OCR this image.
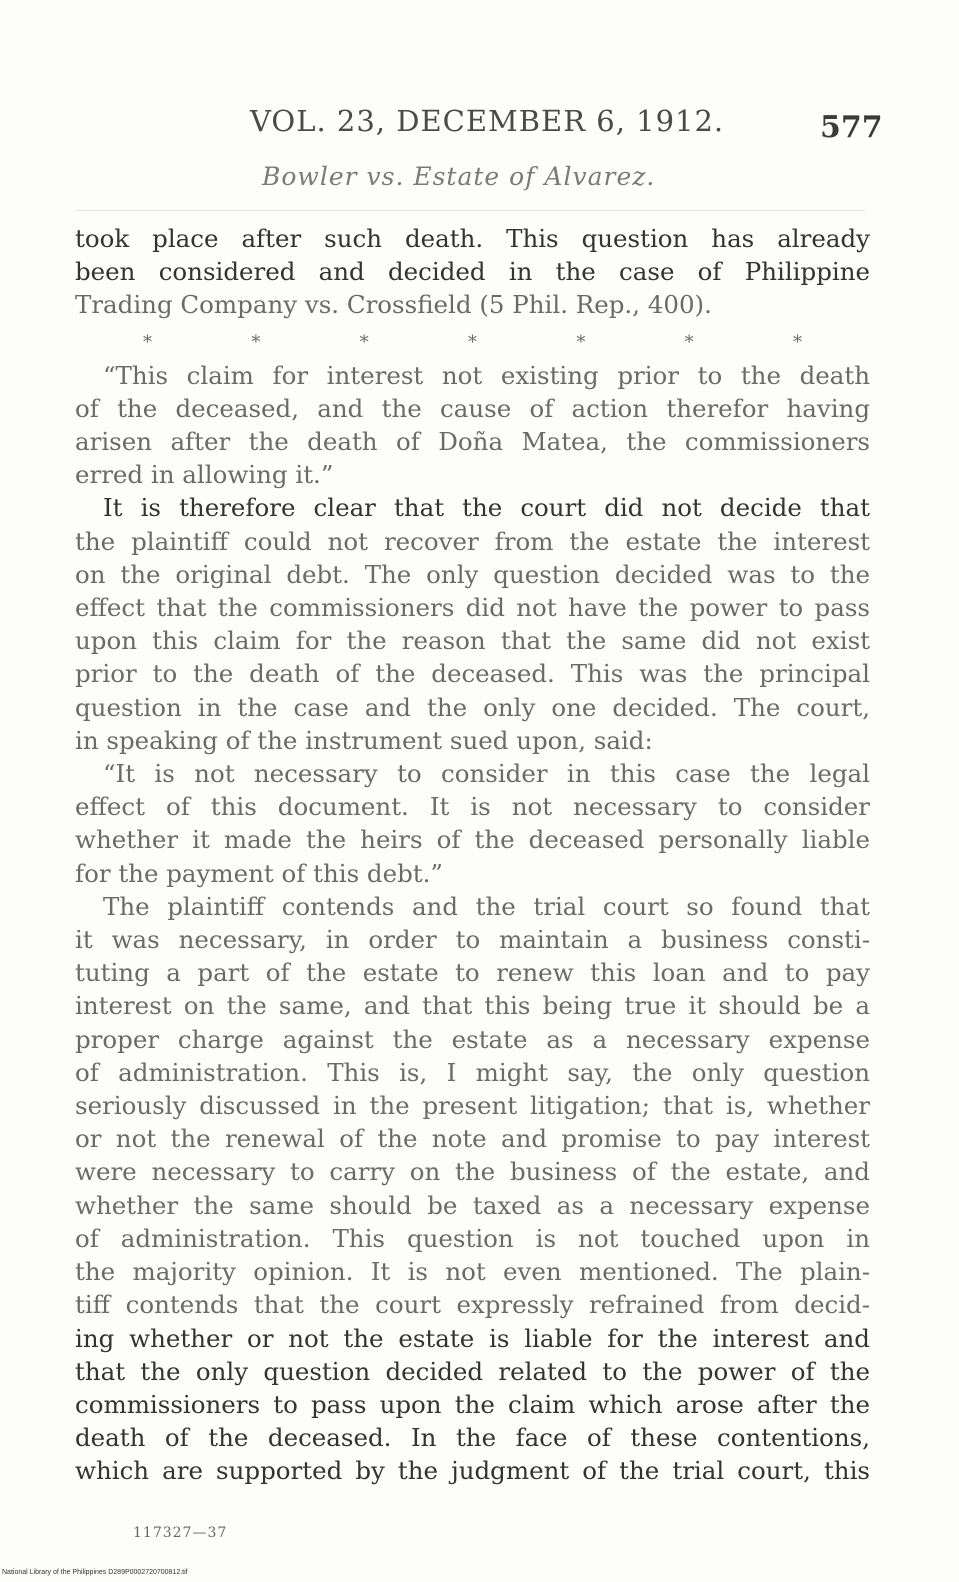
VOL. 23, DECEMBER 6, 1912.	577
Bowler vs. Estate of Alvarez.
took place after such death. This question has already
been considered and decided in the case of Philippine
Trading Company vs. Crossfield (5 Phil. Rep., 400).
*	*	*	*	*	*	*
“This claim for interest not existing prior to the death
of the deceased, and the cause of action therefor having
arisen after the death of Doña Matea, the commissioners
erred in allowing it.”
It is therefore clear that the court did not decide that
the plaintiff could not recover from the estate the interest
on the original debt. The only question decided was to the
effect that the commissioners did not have the power to pass
upon this claim for the reason that the same did not exist
prior to the death of the deceased. This was the principal
question in the case and the only one decided. The court,
in speaking of the instrument sued upon, said:
“It is not necessary to consider in this case the legal
effect of this document. It is not necessary to consider
whether it made the heirs of the deceased personally liable
for the payment of this debt.”
The plaintiff contends and the trial court so found that
it was necessary, in order to maintain a business consti-
tuting a part of the estate to renew this loan and to pay
interest on the same, and that this being true it should be a
proper charge against the estate as a necessary expense
of administration. This is, I might say, the only question
seriously discussed in the present litigation; that is, whether
or not the renewal of the note and promise to pay interest
were necessary to carry on the business of the estate, and
whether the same should be taxed as a necessary expense
of administration. This question is not touched upon in
the majority opinion. It is not even mentioned. The plain-
tiff contends that the court expressly refrained from decid-
ing whether or not the estate is liable for the interest and
that the only question decided related to the power of the
commissioners to pass upon the claim which arose after the
death of the deceased. In the face of these contentions,
which are supported by the judgment of the trial court, this
117327—37
National Library of the Philippines D289P0002720700812.tif
